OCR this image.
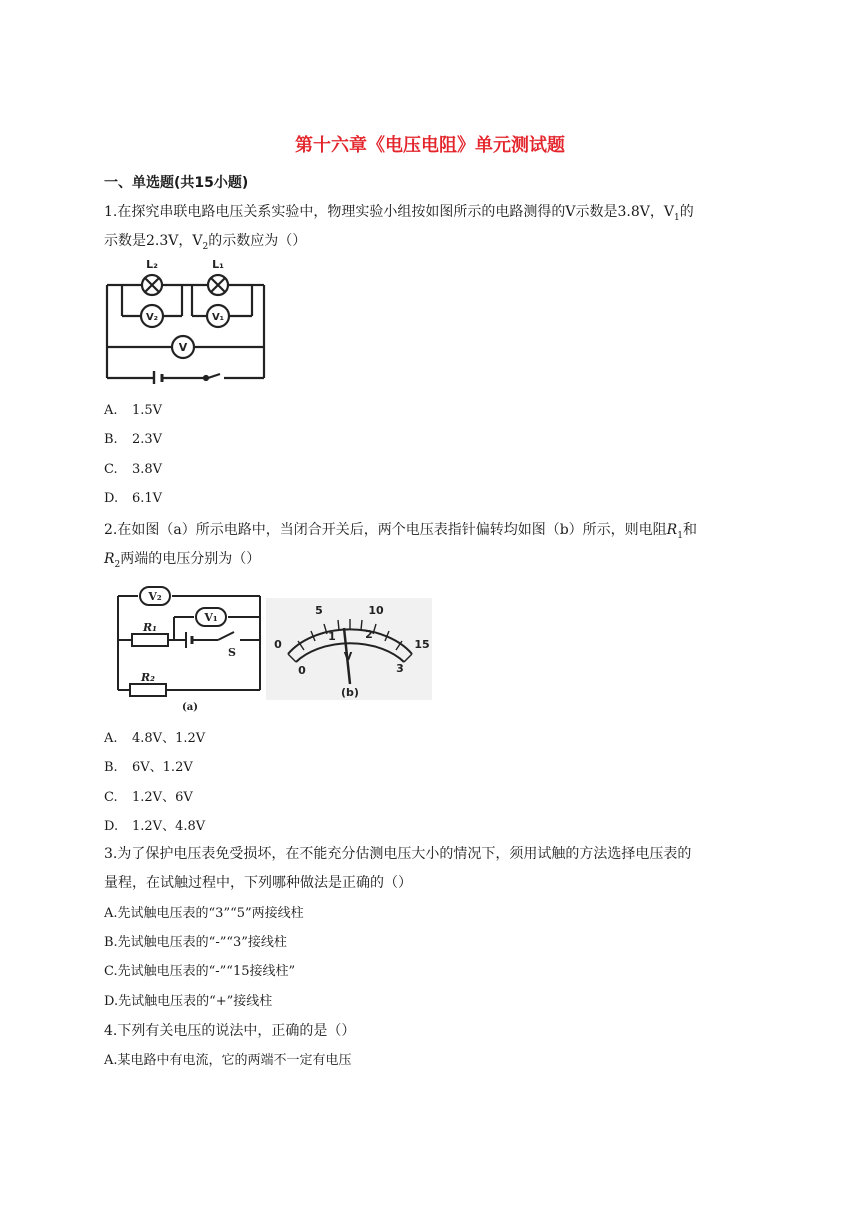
第十六章《电压电阻》单元测试题
一、单选题(共15小题)
1.在探究串联电路电压关系实验中，物理实验小组按如图所示的电路测得的V示数是3.8V，$V_1$的
示数是2.3V，$V_2$的示数应为（）
L₂	L₁
V₂	V₁
V
A. 1.5V
B. 2.3V
C. 3.8V
D. 6.1V
2.在如图（a）所示电路中，当闭合开关后，两个电压表指针偏转均如图（b）所示，则电阻$R_1$和
$R_2$两端的电压分别为（）
V₂
V₁
R₁
S
R₂
(a)
0
5	10
15
0
1	2
3
V
(b)
A. 4.8V、1.2V
B. 6V、1.2V
C. 1.2V、6V
D. 1.2V、4.8V
3.为了保护电压表免受损坏，在不能充分估测电压大小的情况下，须用试触的方法选择电压表的
量程，在试触过程中，下列哪种做法是正确的（）
A.先试触电压表的“3”“5”两接线柱
B.先试触电压表的“-”“3”接线柱
C.先试触电压表的“-”“15接线柱”
D.先试触电压表的“+”接线柱
4.下列有关电压的说法中，正确的是（）
A.某电路中有电流，它的两端不一定有电压
